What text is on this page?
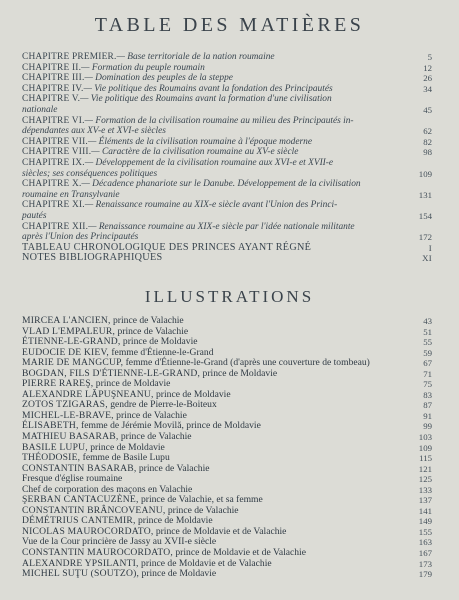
TABLE DES MATIÈRES
CHAPITRE PREMIER.— Base territoriale de la nation roumaine	5
CHAPITRE II.— Formation du peuple roumain	12
CHAPITRE III.— Domination des peuples de la steppe	26
CHAPITRE IV.— Vie politique des Roumains avant la fondation des Principautés	34
CHAPITRE V.— Vie politique des Roumains avant la formation d'une civilisation
nationale	45
CHAPITRE VI.— Formation de la civilisation roumaine au milieu des Principautés in-
dépendantes aux XV-e et XVI-e siècles	62
CHAPITRE VII.— Éléments de la civilisation roumaine à l'époque moderne	82
CHAPITRE VIII.— Caractère de la civilisation roumaine au XV-e siècle	98
CHAPITRE IX.— Développement de la civilisation roumaine aux XVI-e et XVII-e
siècles; ses conséquences politiques	109
CHAPITRE X.— Décadence phanariote sur le Danube. Développement de la civilisation
roumaine en Transylvanie	131
CHAPITRE XI.— Renaissance roumaine au XIX-e siècle avant l'Union des Princi-
pautés	154
CHAPITRE XII.— Renaissance roumaine au XIX-e siècle par l'idée nationale militante
après l'Union des Principautés	172
TABLEAU CHRONOLOGIQUE DES PRINCES AYANT RÉGNÉ	I
NOTES BIBLIOGRAPHIQUES	XI
ILLUSTRATIONS
MIRCEA L'ANCIEN, prince de Valachie	43
VLAD L'EMPALEUR, prince de Valachie	51
ÉTIENNE-LE-GRAND, prince de Moldavie	55
EUDOCIE DE KIEV, femme d'Étienne-le-Grand	59
MARIE DE MANGCUP, femme d'Étienne-le-Grand (d'après une couverture de tombeau)	67
BOGDAN, FILS D'ÉTIENNE-LE-GRAND, prince de Moldavie	71
PIERRE RAREŞ, prince de Moldavie	75
ALEXANDRE LĂPUŞNEANU, prince de Moldavie	83
ZOTOS TZIGARAS, gendre de Pierre-le-Boiteux	87
MICHEL-LE-BRAVE, prince de Valachie	91
ÉLISABETH, femme de Jérémie Movilă, prince de Moldavie	99
MATHIEU BASARAB, prince de Valachie	103
BASILE LUPU, prince de Moldavie	109
THÉODOSIE, femme de Basile Lupu	115
CONSTANTIN BASARAB, prince de Valachie	121
Fresque d'église roumaine	125
Chef de corporation des maçons en Valachie	133
ŞERBAN CANTACUZÈNE, prince de Valachie, et sa femme	137
CONSTANTIN BRÂNCOVEANU, prince de Valachie	141
DÉMÉTRIUS CANTEMIR, prince de Moldavie	149
NICOLAS MAUROCORDATO, prince de Moldavie et de Valachie	155
Vue de la Cour princière de Jassy au XVII-e siècle	163
CONSTANTIN MAUROCORDATO, prince de Moldavie et de Valachie	167
ALEXANDRE YPSILANTI, prince de Moldavie et de Valachie	173
MICHEL SUŢU (SOUTZO), prince de Moldavie	179
